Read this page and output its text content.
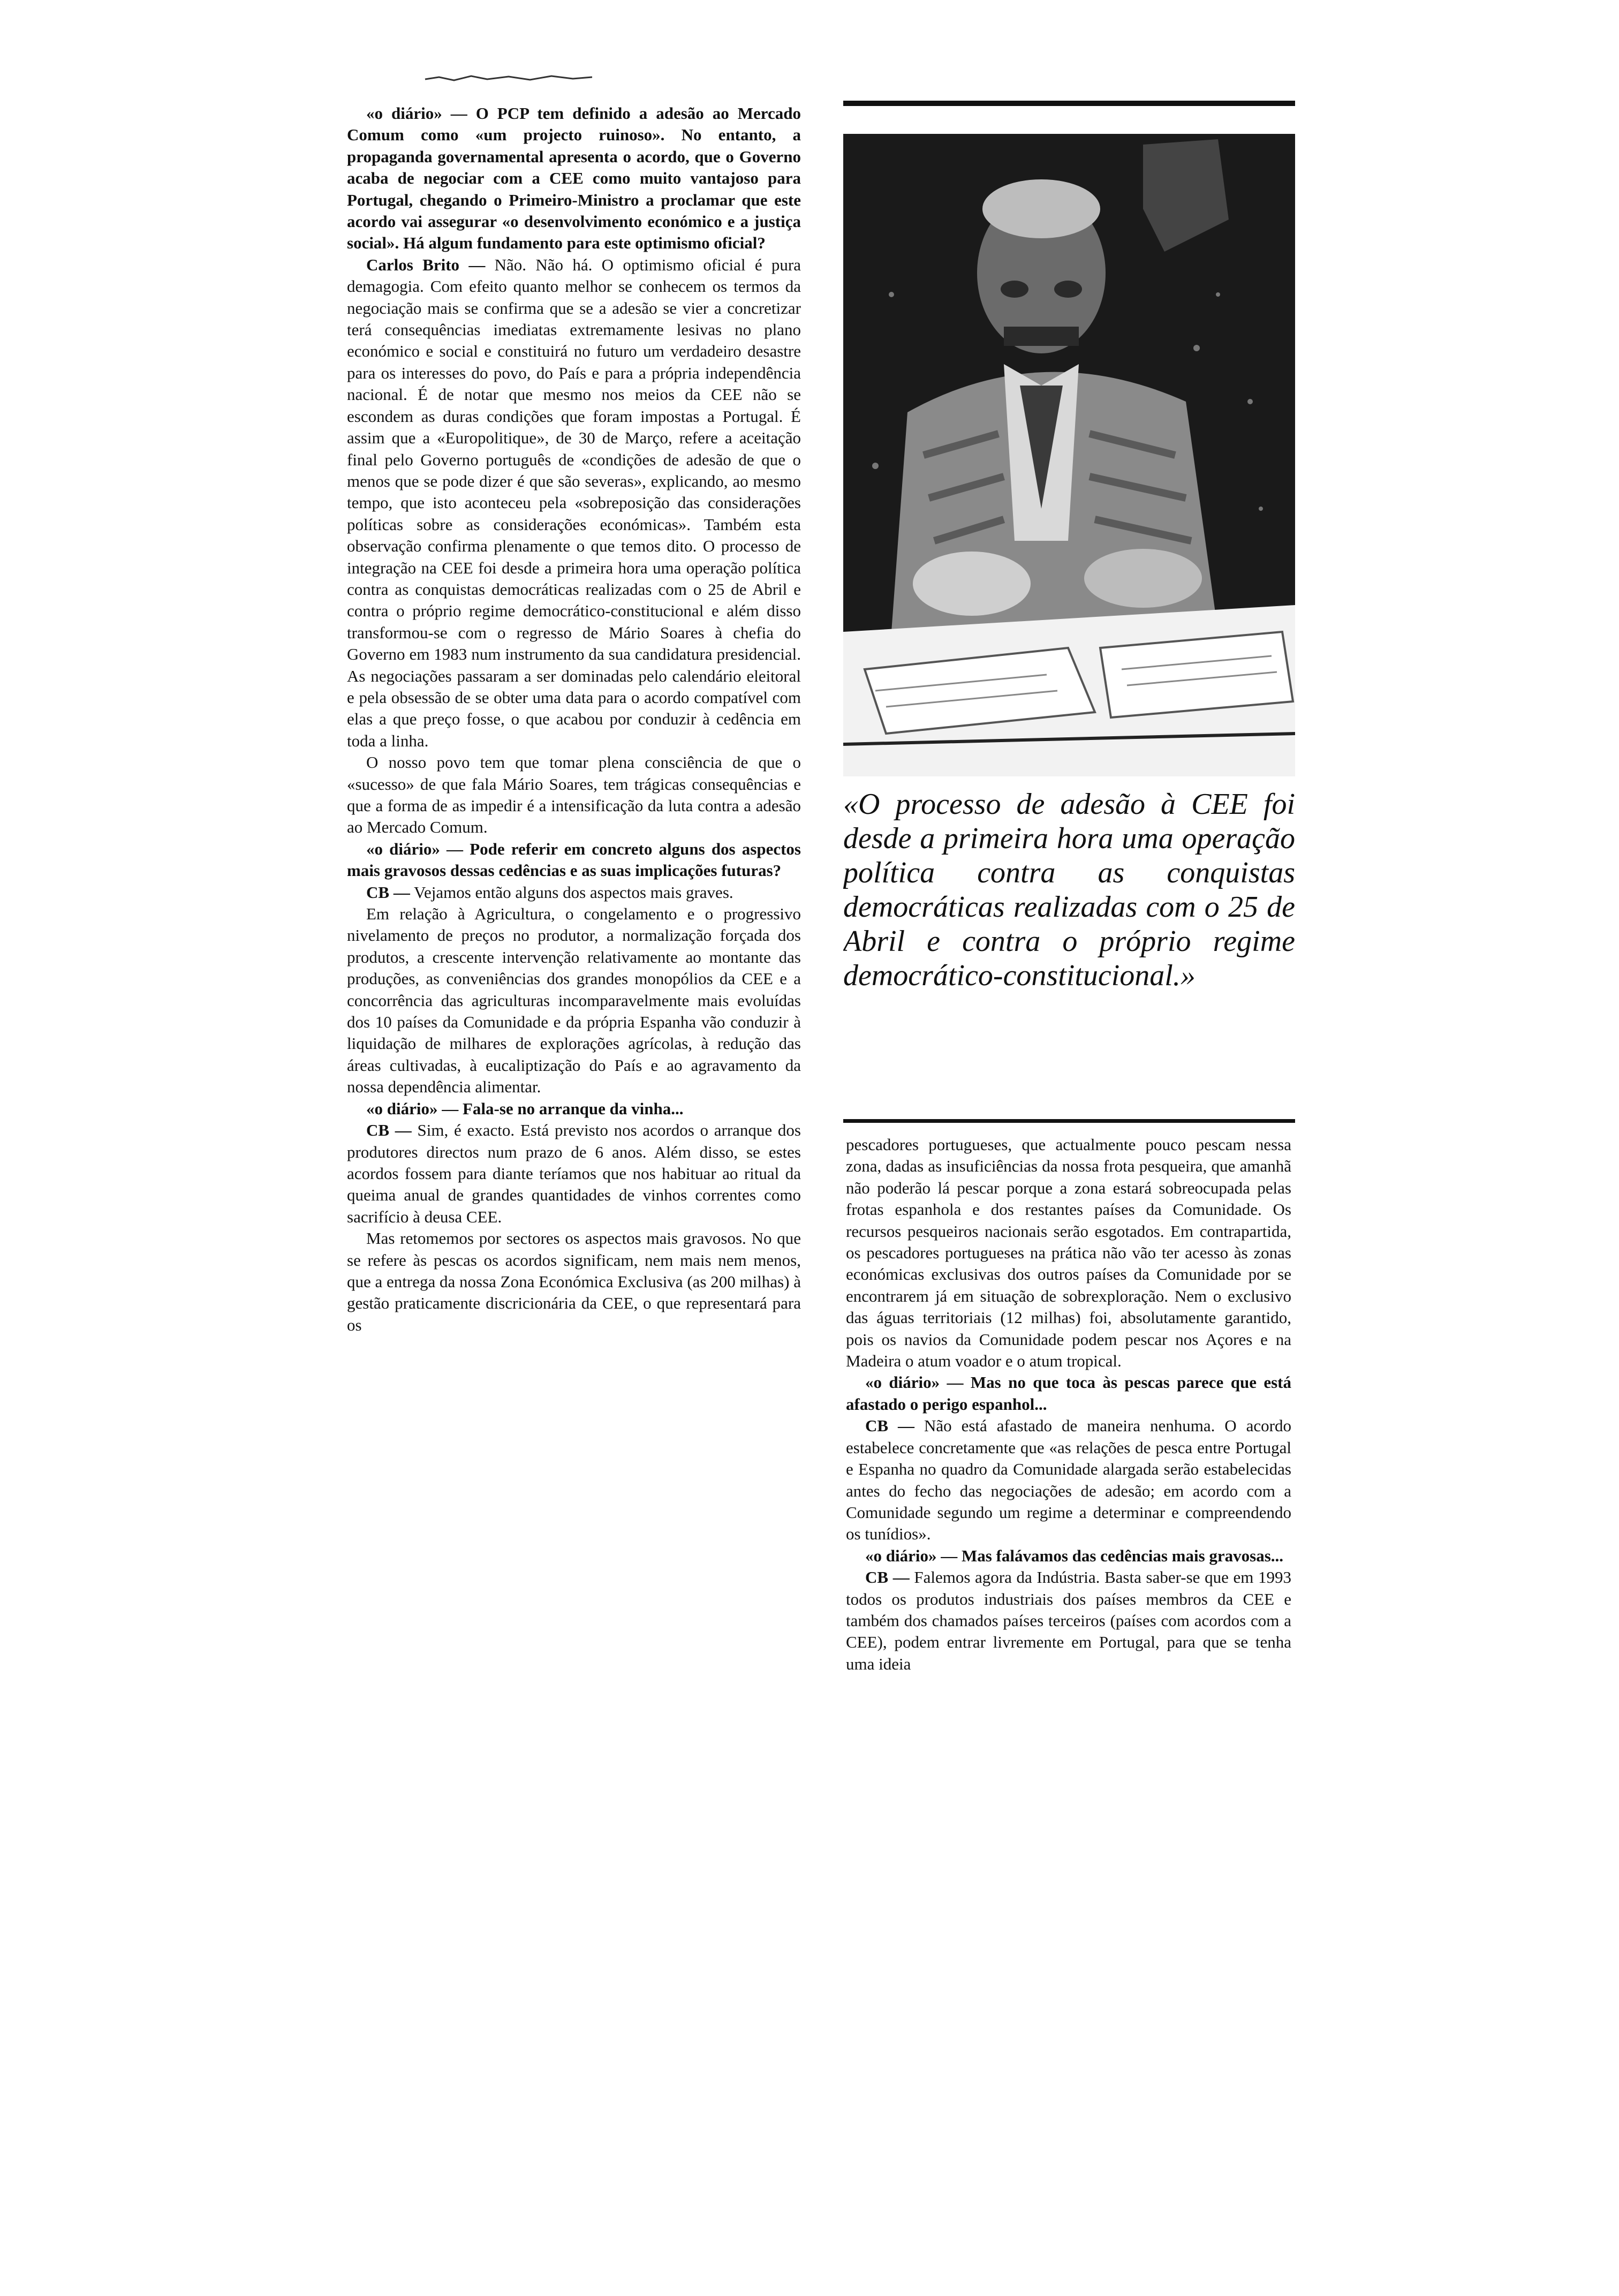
«O processo de adesão à CEE foi desde a primeira hora uma operação política contra as conquistas democráticas realizadas com o 25 de Abril e contra o próprio regime democrático-constitucional.»

«o diário» — O PCP tem definido a adesão ao Mercado Comum como «um projecto ruinoso». No entanto, a propaganda governamental apresenta o acordo, que o Governo acaba de negociar com a CEE como muito vantajoso para Portugal, chegando o Primeiro-Ministro a proclamar que este acordo vai assegurar «o desenvolvimento económico e a justiça social». Há algum fundamento para este optimismo oficial?

Carlos Brito — Não. Não há. O optimismo oficial é pura demagogia. Com efeito quanto melhor se conhecem os termos da negociação mais se confirma que se a adesão se vier a concretizar terá consequências imediatas extremamente lesivas no plano económico e social e constituirá no futuro um verdadeiro desastre para os interesses do povo, do País e para a própria independência nacional. É de notar que mesmo nos meios da CEE não se escondem as duras condições que foram impostas a Portugal. É assim que a «Europolitique», de 30 de Março, refere a aceitação final pelo Governo português de «condições de adesão de que o menos que se pode dizer é que são severas», explicando, ao mesmo tempo, que isto aconteceu pela «sobreposição das considerações políticas sobre as considerações económicas». Também esta observação confirma plenamente o que temos dito. O processo de integração na CEE foi desde a primeira hora uma operação política contra as conquistas democráticas realizadas com o 25 de Abril e contra o próprio regime democrático-constitucional e além disso transformou-se com o regresso de Mário Soares à chefia do Governo em 1983 num instrumento da sua candidatura presidencial. As negociações passaram a ser dominadas pelo calendário eleitoral e pela obsessão de se obter uma data para o acordo compatível com elas a que preço fosse, o que acabou por conduzir à cedência em toda a linha.

O nosso povo tem que tomar plena consciência de que o «sucesso» de que fala Mário Soares, tem trágicas consequências e que a forma de as impedir é a intensificação da luta contra a adesão ao Mercado Comum.

«o diário» — Pode referir em concreto alguns dos aspectos mais gravosos dessas cedências e as suas implicações futuras?

CB — Vejamos então alguns dos aspectos mais graves.

Em relação à Agricultura, o congelamento e o progressivo nivelamento de preços no produtor, a normalização forçada dos produtos, a crescente intervenção relativamente ao montante das produções, as conveniências dos grandes monopólios da CEE e a concorrência das agriculturas incomparavelmente mais evoluídas dos 10 países da Comunidade e da própria Espanha vão conduzir à liquidação de milhares de explorações agrícolas, à redução das áreas cultivadas, à eucaliptização do País e ao agravamento da nossa dependência alimentar.

«o diário» — Fala-se no arranque da vinha...

CB — Sim, é exacto. Está previsto nos acordos o arranque dos produtores directos num prazo de 6 anos. Além disso, se estes acordos fossem para diante teríamos que nos habituar ao ritual da queima anual de grandes quantidades de vinhos correntes como sacrifício à deusa CEE.

Mas retomemos por sectores os aspectos mais gravosos. No que se refere às pescas os acordos significam, nem mais nem menos, que a entrega da nossa Zona Económica Exclusiva (as 200 milhas) à gestão praticamente discricionária da CEE, o que representará para os

pescadores portugueses, que actualmente pouco pescam nessa zona, dadas as insuficiências da nossa frota pesqueira, que amanhã não poderão lá pescar porque a zona estará sobreocupada pelas frotas espanhola e dos restantes países da Comunidade. Os recursos pesqueiros nacionais serão esgotados. Em contrapartida, os pescadores portugueses na prática não vão ter acesso às zonas económicas exclusivas dos outros países da Comunidade por se encontrarem já em situação de sobrexploração. Nem o exclusivo das águas territoriais (12 milhas) foi, absolutamente garantido, pois os navios da Comunidade podem pescar nos Açores e na Madeira o atum voador e o atum tropical.

«o diário» — Mas no que toca às pescas parece que está afastado o perigo espanhol...

CB — Não está afastado de maneira nenhuma. O acordo estabelece concretamente que «as relações de pesca entre Portugal e Espanha no quadro da Comunidade alargada serão estabelecidas antes do fecho das negociações de adesão; em acordo com a Comunidade segundo um regime a determinar e compreendendo os tunídios».

«o diário» — Mas falávamos das cedências mais gravosas...

CB — Falemos agora da Indústria. Basta saber-se que em 1993 todos os produtos industriais dos países membros da CEE e também dos chamados países terceiros (países com acordos com a CEE), podem entrar livremente em Portugal, para que se tenha uma ideia
